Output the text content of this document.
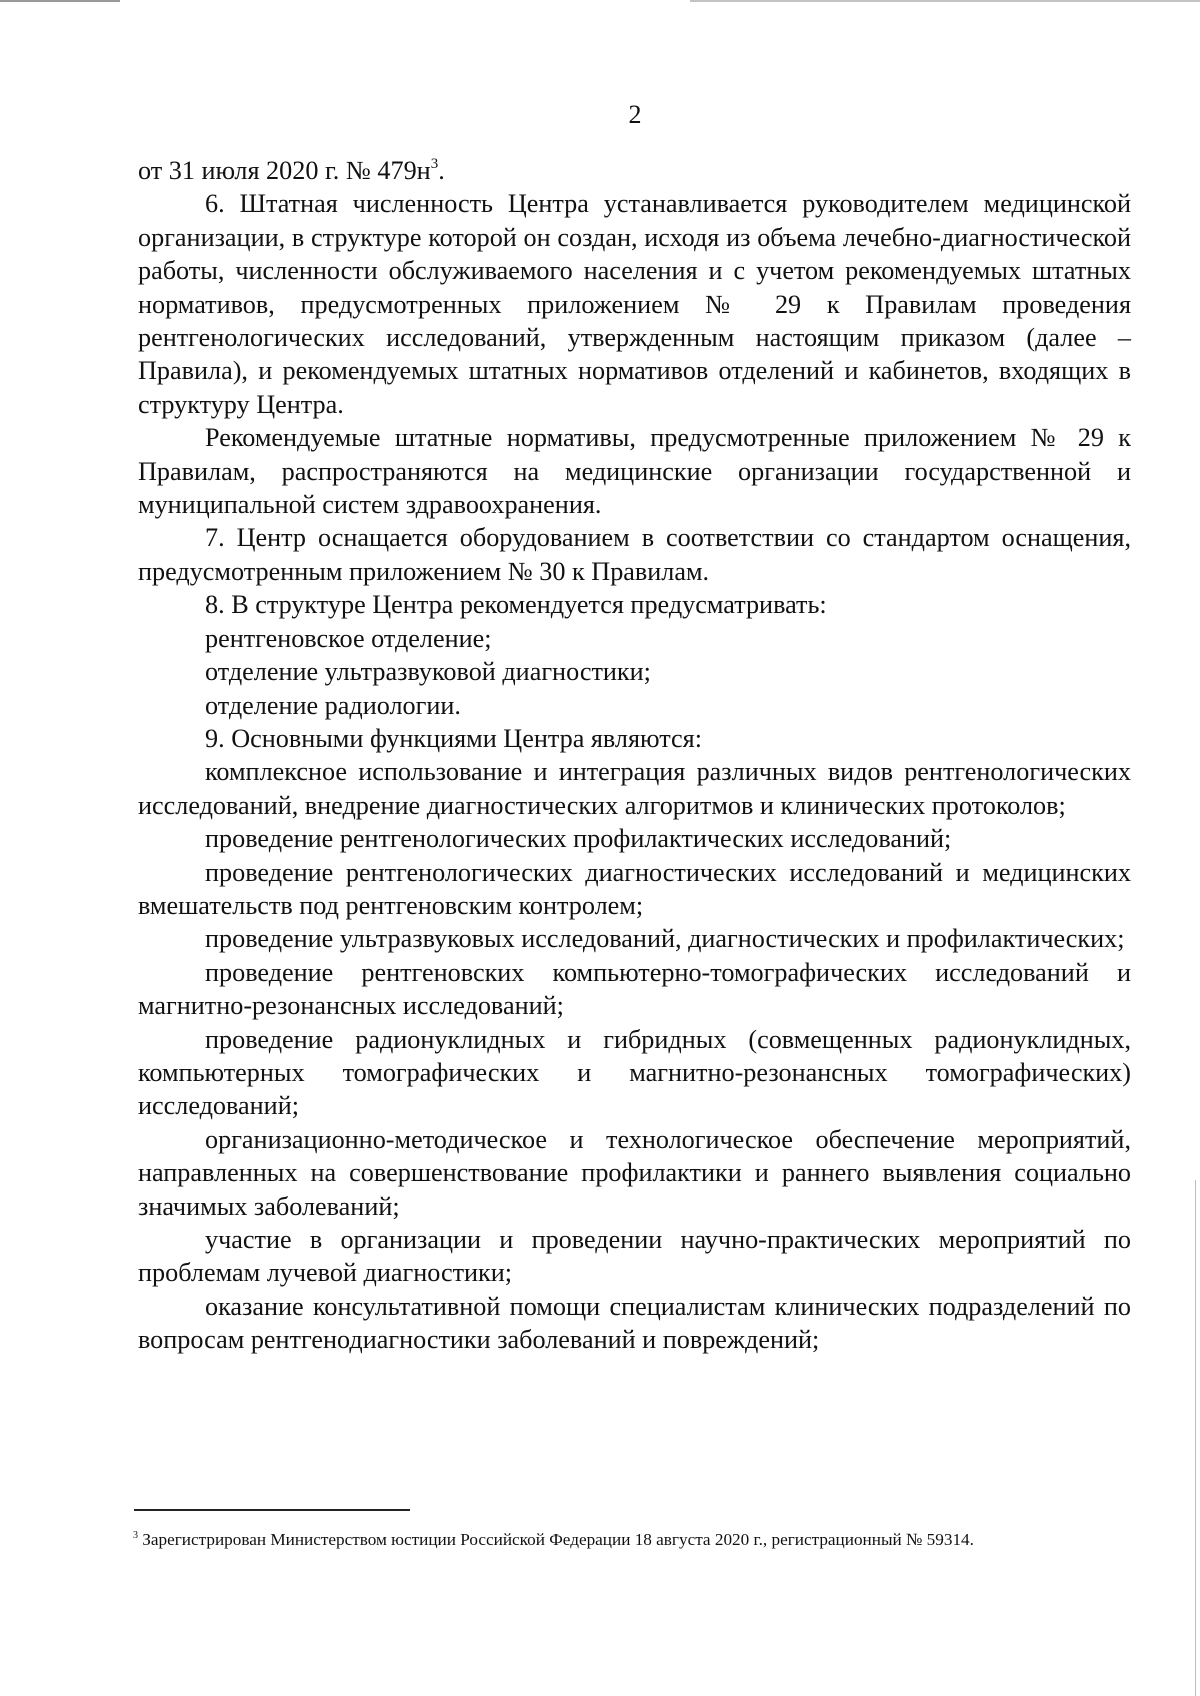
2

от 31 июля 2020 г. № $479н^3$.

6. Штатная численность Центра устанавливается руководителем медицинской организации, в структуре которой он создан, исходя из объема лечебно-диагностической работы, численности обслуживаемого населения и с учетом рекомендуемых штатных нормативов, предусмотренных приложением № 29 к Правилам проведения рентгенологических исследований, утвержденным настоящим приказом (далее – Правила), и рекомендуемых штатных нормативов отделений и кабинетов, входящих в структуру Центра.

Рекомендуемые штатные нормативы, предусмотренные приложением № 29 к Правилам, распространяются на медицинские организации государственной и муниципальной систем здравоохранения.

7. Центр оснащается оборудованием в соответствии со стандартом оснащения, предусмотренным приложением № 30 к Правилам.

8. В структуре Центра рекомендуется предусматривать:

рентгеновское отделение;

отделение ультразвуковой диагностики;

отделение радиологии.

9. Основными функциями Центра являются:

комплексное использование и интеграция различных видов рентгенологических исследований, внедрение диагностических алгоритмов и клинических протоколов;

проведение рентгенологических профилактических исследований;

проведение рентгенологических диагностических исследований и медицинских вмешательств под рентгеновским контролем;

проведение ультразвуковых исследований, диагностических и профилактических;

проведение рентгеновских компьютерно-томографических исследований и магнитно-резонансных исследований;

проведение радионуклидных и гибридных (совмещенных радионуклидных, компьютерных томографических и магнитно-резонансных томографических) исследований;

организационно-методическое и технологическое обеспечение мероприятий, направленных на совершенствование профилактики и раннего выявления социально значимых заболеваний;

участие в организации и проведении научно-практических мероприятий по проблемам лучевой диагностики;

оказание консультативной помощи специалистам клинических подразделений по вопросам рентгенодиагностики заболеваний и повреждений;

$^3$ Зарегистрирован Министерством юстиции Российской Федерации 18 августа 2020 г., регистрационный № 59314.
